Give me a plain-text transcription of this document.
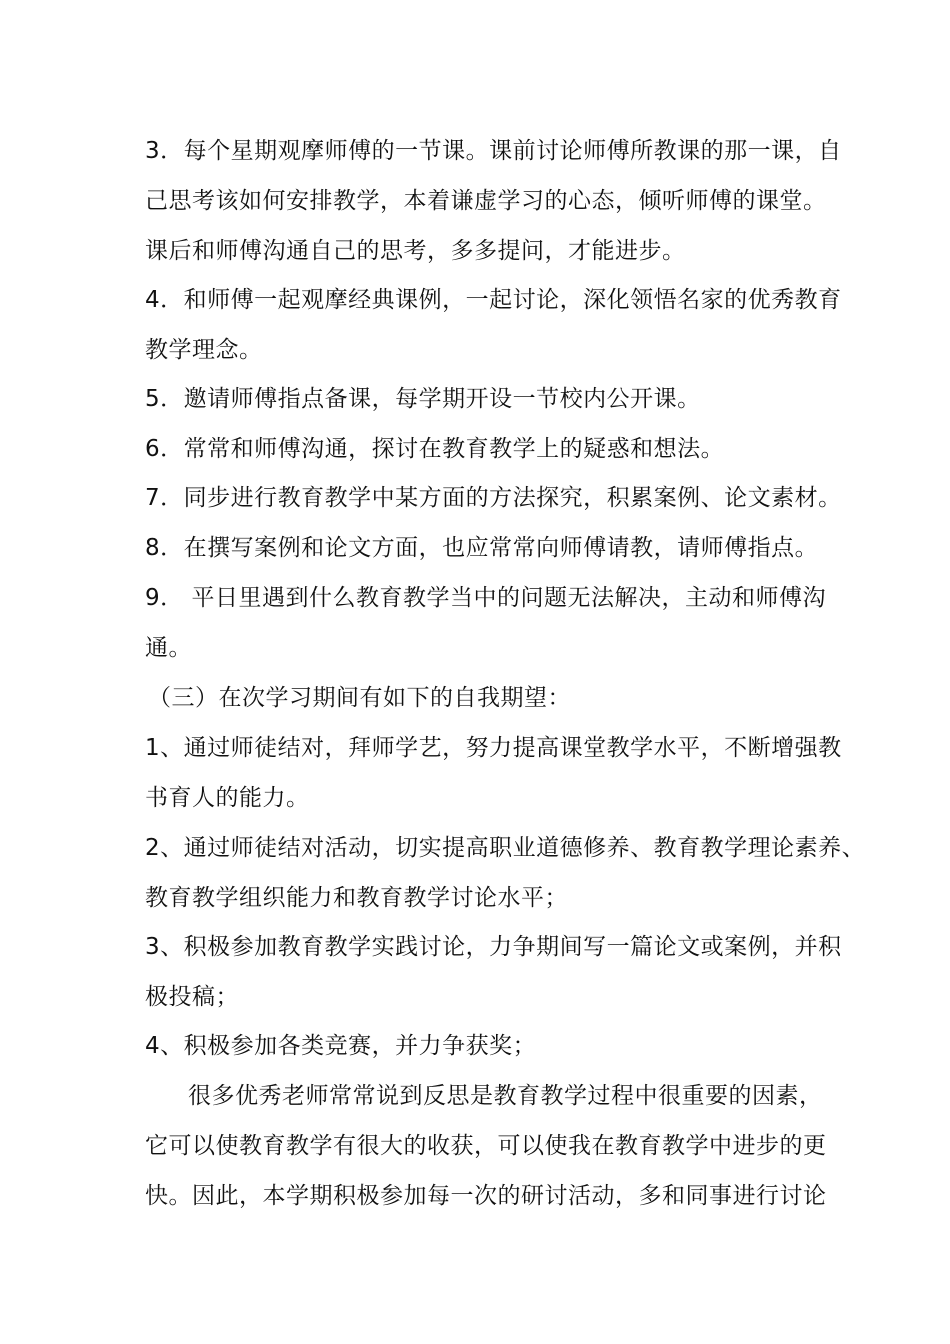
3．每个星期观摩师傅的一节课。课前讨论师傅所教课的那一课，自
己思考该如何安排教学，本着谦虚学习的心态，倾听师傅的课堂。
课后和师傅沟通自己的思考，多多提问，才能进步。
4．和师傅一起观摩经典课例，一起讨论，深化领悟名家的优秀教育
教学理念。
5．邀请师傅指点备课，每学期开设一节校内公开课。
6．常常和师傅沟通，探讨在教育教学上的疑惑和想法。
7．同步进行教育教学中某方面的方法探究，积累案例、论文素材。
8．在撰写案例和论文方面，也应常常向师傅请教，请师傅指点。
9． 平日里遇到什么教育教学当中的问题无法解决，主动和师傅沟
通。
（三）在次学习期间有如下的自我期望：
1、通过师徒结对，拜师学艺，努力提高课堂教学水平，不断增强教
书育人的能力。
2、通过师徒结对活动，切实提高职业道德修养、教育教学理论素养、
教育教学组织能力和教育教学讨论水平；
3、积极参加教育教学实践讨论，力争期间写一篇论文或案例，并积
极投稿；
4、积极参加各类竞赛，并力争获奖；
很多优秀老师常常说到反思是教育教学过程中很重要的因素，
它可以使教育教学有很大的收获，可以使我在教育教学中进步的更
快。因此，本学期积极参加每一次的研讨活动，多和同事进行讨论
